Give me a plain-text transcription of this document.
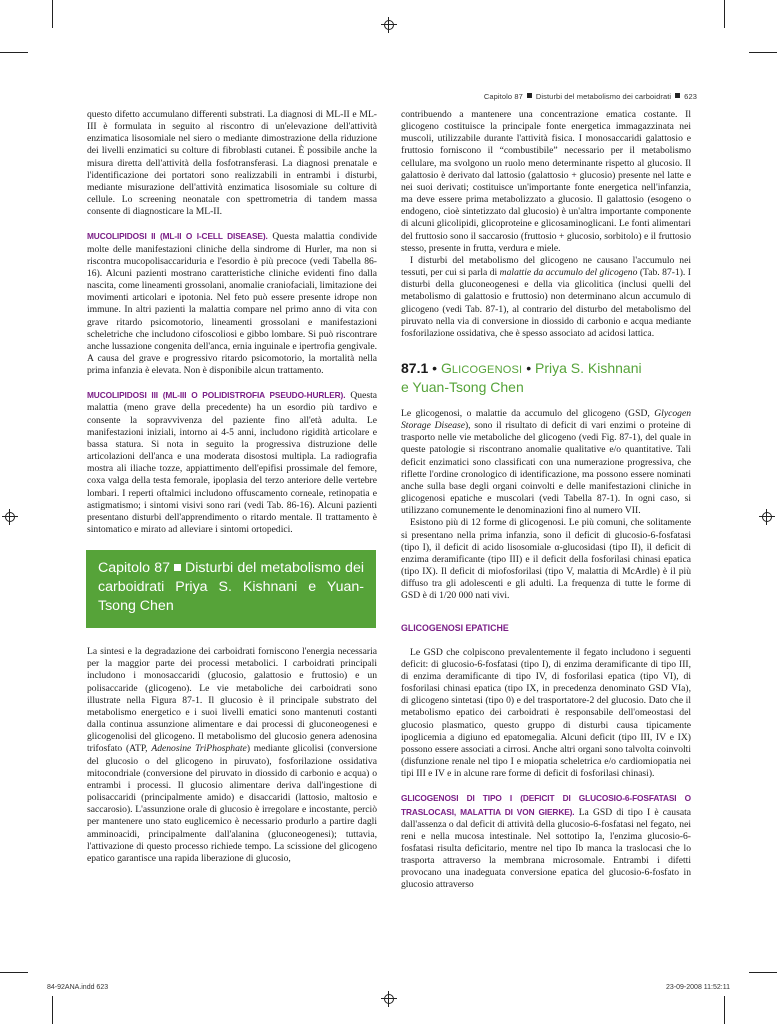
Capitolo 87 Disturbi del metabolismo dei carboidrati 623

questo difetto accumulano differenti substrati. La diagnosi di ML-II e ML-III è formulata in seguito al riscontro di un'elevazione dell'attività enzimatica lisosomiale nel siero o mediante dimostrazione della riduzione dei livelli enzimatici su colture di fibroblasti cutanei. È possibile anche la misura diretta dell'attività della fosfotransferasi. La diagnosi prenatale e l'identificazione dei portatori sono realizzabili in entrambi i disturbi, mediante misurazione dell'attività enzimatica lisosomiale su colture di cellule. Lo screening neonatale con spettrometria di tandem massa consente di diagnosticare la ML-II.

MUCOLIPIDOSI II (ML-II O I-CELL DISEASE). Questa malattia condivide molte delle manifestazioni cliniche della sindrome di Hurler, ma non si riscontra mucopolisaccariduria e l'esordio è più precoce (vedi Tabella 86-16). Alcuni pazienti mostrano caratteristiche cliniche evidenti fino dalla nascita, come lineamenti grossolani, anomalie craniofaciali, limitazione dei movimenti articolari e ipotonia. Nel feto può essere presente idrope non immune. In altri pazienti la malattia compare nel primo anno di vita con grave ritardo psicomotorio, lineamenti grossolani e manifestazioni scheletriche che includono cifoscoliosi e gibbo lombare. Si può riscontrare anche lussazione congenita dell'anca, ernia inguinale e ipertrofia gengivale. A causa del grave e progressivo ritardo psicomotorio, la mortalità nella prima infanzia è elevata. Non è disponibile alcun trattamento.

MUCOLIPIDOSI III (ML-III O POLIDISTROFIA PSEUDO-HURLER). Questa malattia (meno grave della precedente) ha un esordio più tardivo e consente la sopravvivenza del paziente fino all'età adulta. Le manifestazioni iniziali, intorno ai 4-5 anni, includono rigidità articolare e bassa statura. Si nota in seguito la progressiva distruzione delle articolazioni dell'anca e una moderata disostosi multipla. La radiografia mostra ali iliache tozze, appiattimento dell'epifisi prossimale del femore, coxa valga della testa femorale, ipoplasia del terzo anteriore delle vertebre lombari. I reperti oftalmici includono offuscamento corneale, retinopatia e astigmatismo; i sintomi visivi sono rari (vedi Tab. 86-16). Alcuni pazienti presentano disturbi dell'apprendimento o ritardo mentale. Il trattamento è sintomatico e mirato ad alleviare i sintomi ortopedici.

Capitolo 87 Disturbi del metabolismo dei carboidrati Priya S. Kishnani e Yuan-Tsong Chen

La sintesi e la degradazione dei carboidrati forniscono l'energia necessaria per la maggior parte dei processi metabolici. I carboidrati principali includono i monosaccaridi (glucosio, galattosio e fruttosio) e un polisaccaride (glicogeno). Le vie metaboliche dei carboidrati sono illustrate nella Figura 87-1. Il glucosio è il principale substrato del metabolismo energetico e i suoi livelli ematici sono mantenuti costanti dalla continua assunzione alimentare e dai processi di gluconeogenesi e glicogenolisi del glicogeno. Il metabolismo del glucosio genera adenosina trifosfato (ATP, Adenosine TriPhosphate) mediante glicolisi (conversione del glucosio o del glicogeno in piruvato), fosforilazione ossidativa mitocondriale (conversione del piruvato in diossido di carbonio e acqua) o entrambi i processi. Il glucosio alimentare deriva dall'ingestione di polisaccaridi (principalmente amido) e disaccaridi (lattosio, maltosio e saccarosio). L'assunzione orale di glucosio è irregolare e incostante, perciò per mantenere uno stato euglicemico è necessario produrlo a partire dagli amminoacidi, principalmente dall'alanina (gluconeogenesi); tuttavia, l'attivazione di questo processo richiede tempo. La scissione del glicogeno epatico garantisce una rapida liberazione di glucosio,

contribuendo a mantenere una concentrazione ematica costante. Il glicogeno costituisce la principale fonte energetica immagazzinata nei muscoli, utilizzabile durante l'attività fisica. I monosaccaridi galattosio e fruttosio forniscono il “combustibile” necessario per il metabolismo cellulare, ma svolgono un ruolo meno determinante rispetto al glucosio. Il galattosio è derivato dal lattosio (galattosio + glucosio) presente nel latte e nei suoi derivati; costituisce un'importante fonte energetica nell'infanzia, ma deve essere prima metabolizzato a glucosio. Il galattosio (esogeno o endogeno, cioè sintetizzato dal glucosio) è un'altra importante componente di alcuni glicolipidi, glicoproteine e glicosaminoglicani. Le fonti alimentari del fruttosio sono il saccarosio (fruttosio + glucosio, sorbitolo) e il fruttosio stesso, presente in frutta, verdura e miele.

I disturbi del metabolismo del glicogeno ne causano l'accumulo nei tessuti, per cui si parla di malattie da accumulo del glicogeno (Tab. 87-1). I disturbi della gluconeogenesi e della via glicolitica (inclusi quelli del metabolismo di galattosio e fruttosio) non determinano alcun accumulo di glicogeno (vedi Tab. 87-1), al contrario del disturbo del metabolismo del piruvato nella via di conversione in diossido di carbonio e acqua mediante fosforilazione ossidativa, che è spesso associato ad acidosi lattica.

87.1 • GLICOGENOSI • Priya S. Kishnani
e Yuan-Tsong Chen

Le glicogenosi, o malattie da accumulo del glicogeno (GSD, Glycogen Storage Disease), sono il risultato di deficit di vari enzimi o proteine di trasporto nelle vie metaboliche del glicogeno (vedi Fig. 87-1), del quale in queste patologie si riscontrano anomalie qualitative e/o quantitative. Tali deficit enzimatici sono classificati con una numerazione progressiva, che riflette l'ordine cronologico di identificazione, ma possono essere nominati anche sulla base degli organi coinvolti e delle manifestazioni cliniche in glicogenosi epatiche e muscolari (vedi Tabella 87-1). In ogni caso, si utilizzano comunemente le denominazioni fino al numero VII.

Esistono più di 12 forme di glicogenosi. Le più comuni, che solitamente si presentano nella prima infanzia, sono il deficit di glucosio-6-fosfatasi (tipo I), il deficit di acido lisosomiale α-glucosidasi (tipo II), il deficit di enzima deramificante (tipo III) e il deficit della fosforilasi chinasi epatica (tipo IX). Il deficit di miofosforilasi (tipo V, malattia di McArdle) è il più diffuso tra gli adolescenti e gli adulti. La frequenza di tutte le forme di GSD è di 1/20 000 nati vivi.

GLICOGENOSI EPATICHE

Le GSD che colpiscono prevalentemente il fegato includono i seguenti deficit: di glucosio-6-fosfatasi (tipo I), di enzima deramificante di tipo III, di enzima deramificante di tipo IV, di fosforilasi epatica (tipo VI), di fosforilasi chinasi epatica (tipo IX, in precedenza denominato GSD VIa), di glicogeno sintetasi (tipo 0) e del trasportatore-2 del glucosio. Dato che il metabolismo epatico dei carboidrati è responsabile dell'omeostasi del glucosio plasmatico, questo gruppo di disturbi causa tipicamente ipoglicemia a digiuno ed epatomegalia. Alcuni deficit (tipo III, IV e IX) possono essere associati a cirrosi. Anche altri organi sono talvolta coinvolti (disfunzione renale nel tipo I e miopatia scheletrica e/o cardiomiopatia nei tipi III e IV e in alcune rare forme di deficit di fosforilasi chinasi).

GLICOGENOSI DI TIPO I (DEFICIT DI GLUCOSIO-6-FOSFATASI O TRASLOCASI, MALATTIA DI VON GIERKE). La GSD di tipo I è causata dall'assenza o dal deficit di attività della glucosio-6-fosfatasi nel fegato, nei reni e nella mucosa intestinale. Nel sottotipo Ia, l'enzima glucosio-6-fosfatasi risulta deficitario, mentre nel tipo Ib manca la traslocasi che lo trasporta attraverso la membrana microsomale. Entrambi i difetti provocano una inadeguata conversione epatica del glucosio-6-fosfato in glucosio attraverso

84-92ANA.indd 623	23-09-2008 11:52:11
